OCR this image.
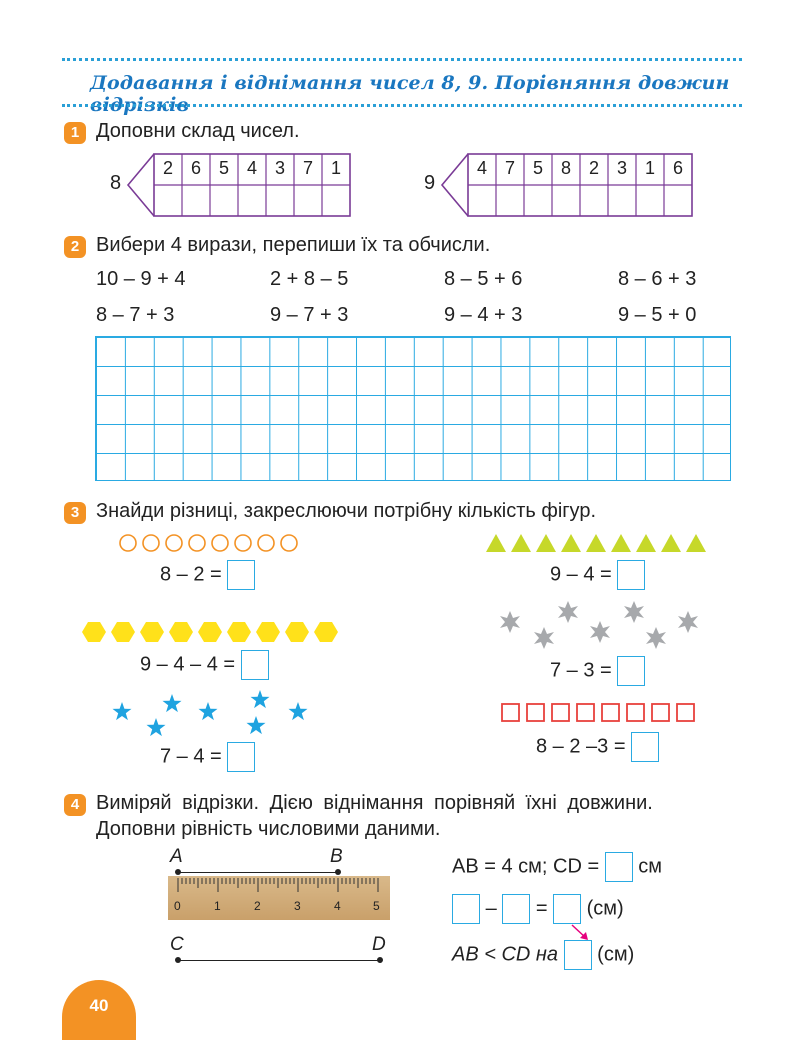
Додавання і віднімання чисел 8, 9. Порівняння довжин відрізків
1 Доповни склад чисел.
8
2 6 5 4 3 7 1
9
4 7 5 8 2 3 1 6
2 Вибери 4 вирази, перепиши їх та обчисли.
10 – 9 + 4	2 + 8 – 5	8 – 5 + 6	8 – 6 + 3
8 – 7 + 3	9 – 7 + 3	9 – 4 + 3	9 – 5 + 0
3 Знайди різниці, закреслюючи потрібну кількість фігур.
8 – 2 =	9 – 4 =
9 – 4 – 4 =	7 – 3 =
7 – 4 =	8 – 2 –3 =
4 Виміряй відрізки. Дією віднімання порівняй їхні довжини.
Доповни рівність числовими даними.
A	B
0	1	2	3	4	5
C	D
AB = 4 см; CD = см
– = (см)
AB < CD на (см)
40
